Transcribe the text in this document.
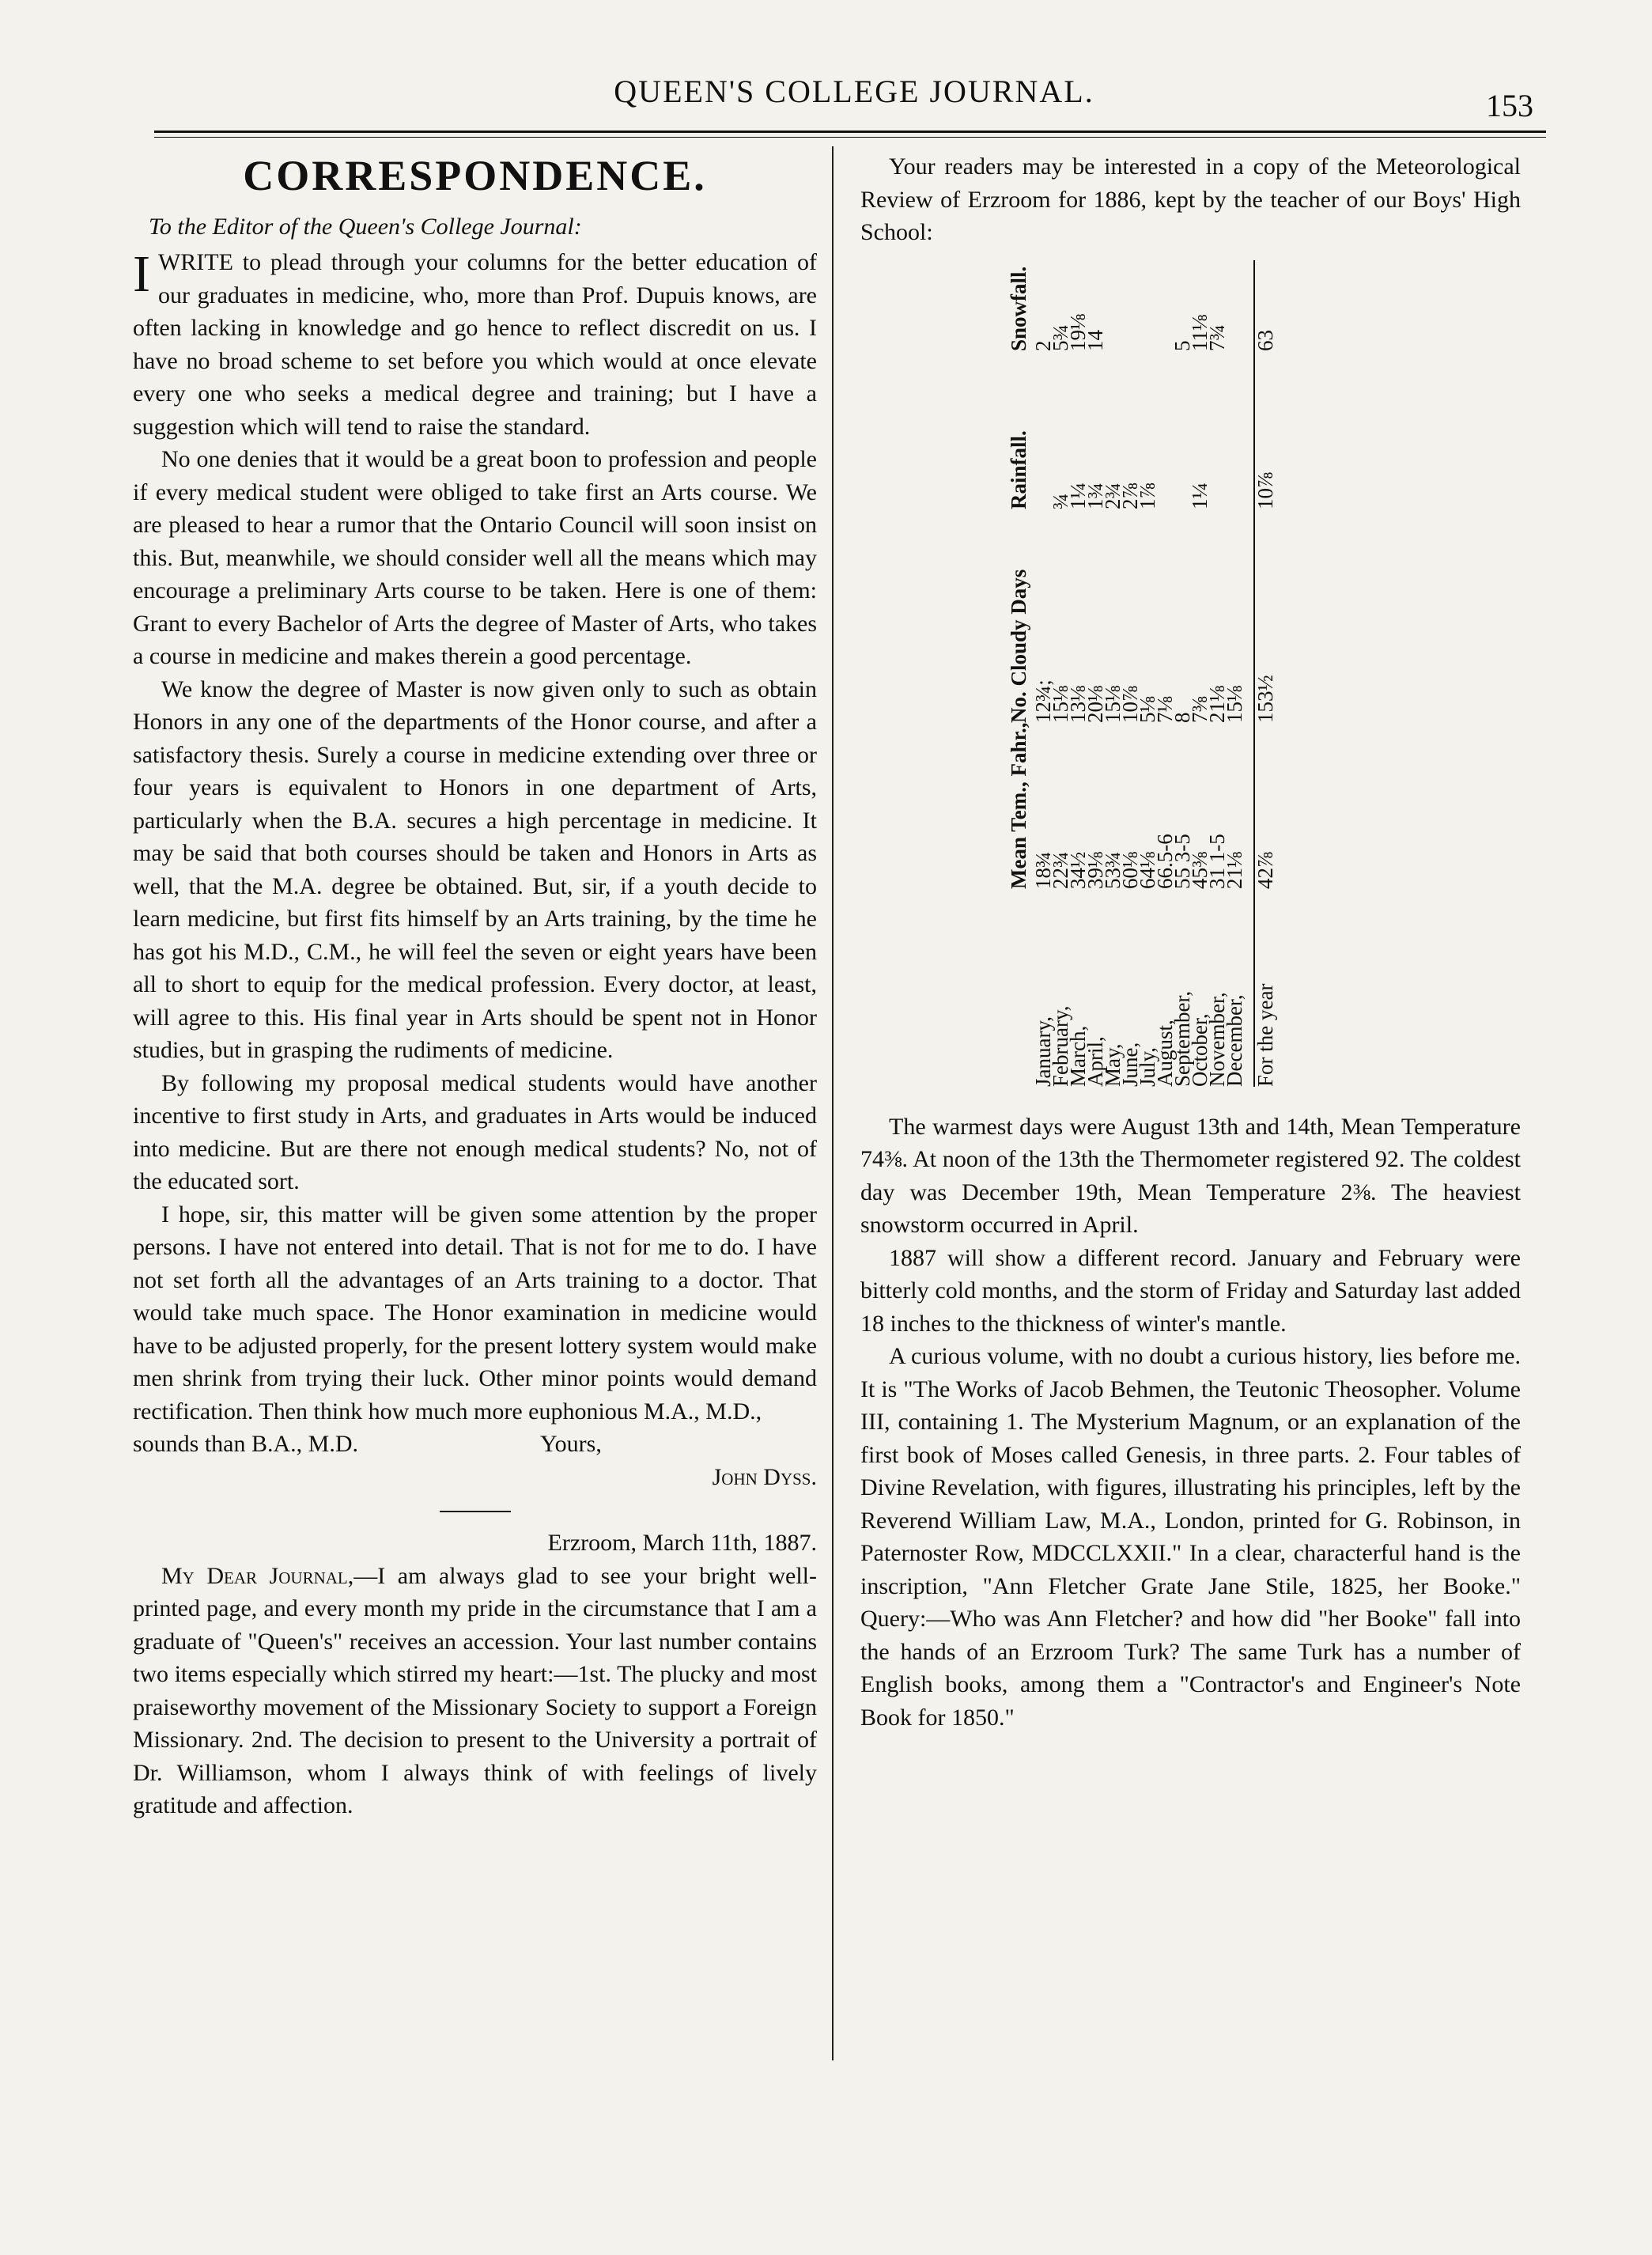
QUEEN'S COLLEGE JOURNAL.	153
CORRESPONDENCE.

To the Editor of the Queen's College Journal:

IWRITE to plead through your columns for the better education of our graduates in medicine, who, more than Prof. Dupuis knows, are often lacking in knowledge and go hence to reflect discredit on us. I have no broad scheme to set before you which would at once elevate every one who seeks a medical degree and training; but I have a suggestion which will tend to raise the standard.

No one denies that it would be a great boon to profession and people if every medical student were obliged to take first an Arts course. We are pleased to hear a rumor that the Ontario Council will soon insist on this. But, meanwhile, we should consider well all the means which may encourage a preliminary Arts course to be taken. Here is one of them: Grant to every Bachelor of Arts the degree of Master of Arts, who takes a course in medicine and makes therein a good percentage.

We know the degree of Master is now given only to such as obtain Honors in any one of the departments of the Honor course, and after a satisfactory thesis. Surely a course in medicine extending over three or four years is equivalent to Honors in one department of Arts, particularly when the B.A. secures a high percentage in medicine. It may be said that both courses should be taken and Honors in Arts as well, that the M.A. degree be obtained. But, sir, if a youth decide to learn medicine, but first fits himself by an Arts training, by the time he has got his M.D., C.M., he will feel the seven or eight years have been all to short to equip for the medical profession. Every doctor, at least, will agree to this. His final year in Arts should be spent not in Honor studies, but in grasping the rudiments of medicine.

By following my proposal medical students would have another incentive to first study in Arts, and graduates in Arts would be induced into medicine. But are there not enough medical students? No, not of the educated sort.

I hope, sir, this matter will be given some attention by the proper persons. I have not entered into detail. That is not for me to do. I have not set forth all the advantages of an Arts training to a doctor. That would take much space. The Honor examination in medicine would have to be adjusted properly, for the present lottery system would make men shrink from trying their luck. Other minor points would demand rectification. Then think how much more euphonious M.A., M.D.,

sounds than B.A., M.D.	Yours,

John Dyss.

Erzroom, March 11th, 1887.

My Dear Journal,—I am always glad to see your bright well-printed page, and every month my pride in the circumstance that I am a graduate of "Queen's" receives an accession. Your last number contains two items especially which stirred my heart:—1st. The plucky and most praiseworthy movement of the Missionary Society to support a Foreign Missionary. 2nd. The decision to present to the University a portrait of Dr. Williamson, whom I always think of with feelings of lively gratitude and affection.

Your readers may be interested in a copy of the Meteorological Review of Erzroom for 1886, kept by the teacher of our Boys' High School:

Mean Tem., Fahr.,
No. Cloudy Days
Rainfall.
Snowfall.
January,
18¾
12¾;
2
February,
22¾
15⅛
¾
5¾
March,
34½
13⅛
1¼
19⅛
April,
39⅛
20⅛
1¾
14
May,
53¾
15⅛
2¾
June,
60⅛
10⅞
2⅞
July,
64⅛
5⅛
1⅞
August,
66.5-6
7⅛
September,
55 3-5
8
5
October,
45⅜
7⅜
1¼
11⅛
November,
31 1-5
21⅛
7¾
December,
21⅛
15⅛
For the year
42⅞
153½
10⅞
63

The warmest days were August 13th and 14th, Mean Temperature 74⅜. At noon of the 13th the Thermometer registered 92. The coldest day was December 19th, Mean Temperature 2⅜. The heaviest snowstorm occurred in April.

1887 will show a different record. January and February were bitterly cold months, and the storm of Friday and Saturday last added 18 inches to the thickness of winter's mantle.

A curious volume, with no doubt a curious history, lies before me. It is "The Works of Jacob Behmen, the Teutonic Theosopher. Volume III, containing 1. The Mysterium Magnum, or an explanation of the first book of Moses called Genesis, in three parts. 2. Four tables of Divine Revelation, with figures, illustrating his principles, left by the Reverend William Law, M.A., London, printed for G. Robinson, in Paternoster Row, MDCCLXXII." In a clear, characterful hand is the inscription, "Ann Fletcher Grate Jane Stile, 1825, her Booke." Query:—Who was Ann Fletcher? and how did "her Booke" fall into the hands of an Erzroom Turk? The same Turk has a number of English books, among them a "Contractor's and Engineer's Note Book for 1850."
